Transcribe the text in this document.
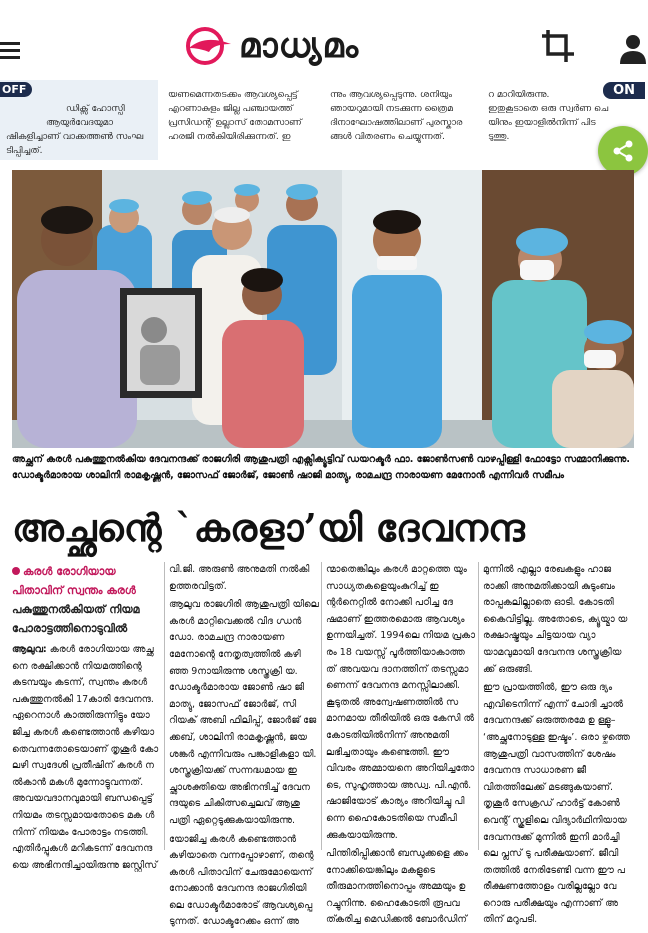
മാധ്യമം
ഡിക്സ് ഹോസ്പി
ആയുർവേദയുമാ
ഷികളിച്ചാണ് വാക്കത്തൺ സംഘ
ടിപ്പിച്ചത്.
OFF	യണമെന്നതടക്കം ആവശ്യപ്പെട്ട്
എറണാകുളം ജില്ല പഞ്ചായത്ത്
പ്രസിഡന്റ് ഉല്ലാസ് തോമസാണ്
ഹരജി നൽകിയിരിക്കുന്നത്. ഇ
ന്നും ആവശ്യപ്പെടുന്നു. ശനിയും
ഞായറുമായി നടക്കുന്ന ത്രൈമ
ദിനാഘോഷത്തിലാണ് പുരസ്കാര
ങ്ങൾ വിതരണം ചെയ്യുന്നത്.
റ മാറിയിരുന്നു.
ഇതുകൂടാതെ ഒരു സ്വർണ ചെ
യിനും ഇയാളിൽനിന്ന് പിട
ടുത്തു.
ON
അച്ഛന് കരൾ പകുത്തുനൽകിയ ദേവനന്ദക്ക് രാജഗിരി ആശുപത്രി എക്സിക്യൂട്ടിവ് ഡയറക്ടർ ഫാ. ജോൺസൺ വാഴപ്പിള്ളി ഫോട്ടോ സമ്മാനിക്കുന്നു. ഡോക്ടർമാരായ ശാലിനി രാമകൃഷ്ണൻ, ജോസഫ് ജോർജ്, ജോൺ ഷാജി മാത്യു, രാമചന്ദ്ര നാരായണ മേനോൻ എന്നിവർ സമീപം
അച്ഛന്റെ `കരളാ’യി ദേവനന്ദ
കരൾ രോഗിയായ
പിതാവിന് സ്വന്തം കരൾ
പകുത്തുനൽകിയത് നിയമ
പോരാട്ടത്തിനൊടുവിൽ

ആലുവ: കരൾ രോഗിയായ അച്ഛ നെ രക്ഷിക്കാൻ നിയമത്തിന്റെ കടമ്പയും കടന്ന്, സ്വന്തം കരൾ പകുത്തുനൽകി 17കാരി ദേവനന്ദ. ഏറെനാൾ കാത്തിരുന്നിട്ടും യോ ജിച്ച കരൾ കണ്ടെത്താൻ കഴിയാ തെവന്നതോടെയാണ് തൃശൂർ കോ ലഴി സ്വദേശി പ്രതീഷിന് കരൾ ന ൽകാൻ മകൾ മുന്നോട്ടുവന്നത്. അവയവദാനവുമായി ബന്ധപ്പെട്ട് നിയമം തടസ്സമായതോടെ മക ൾ നിന്ന് നിയമം പോരാട്ടം നടത്തി. എതിർപ്പുകൾ മറികടന്ന് ദേവനന്ദ യെ അഭിനന്ദിച്ചായിരുന്നു ജസ്റ്റിസ്

വി.ജി. അരുൺ അനുമതി നൽകി ഉത്തരവിട്ടത്.

ആലുവ രാജഗിരി ആശുപത്രി യിലെ കരൾ മാറ്റിവെക്കൽ വിദ ഗ്ധൻ ഡോ. രാമചന്ദ്ര നാരായണ മേനോന്റെ നേതൃത്വത്തിൽ കഴി ഞ്ഞ 9നായിരുന്നു ശസ്ത്രക്രി യ. ഡോക്ടർമാരായ ജോൺ ഷാ ജി മാത്യു, ജോസഫ് ജോർജ്, സി റിയക് അബി ഫിലിപ്പ്, ജോർജ് ജേ ക്കബ്, ശാലിനി രാമകൃഷ്ണൻ, ജയ ശങ്കർ എന്നിവരും പങ്കാളികളാ യി. ശസ്ത്രക്രിയക്ക് സന്നദ്ധമായ ഇ ച്ഛാശക്തിയെ അഭിനന്ദിച്ച് ദേവന ന്ദയുടെ ചികിത്സച്ചെലവ് ആശു പത്രി ഏറ്റെടുക്കുകയായിരുന്നു.

യോജിച്ച കരൾ കണ്ടെത്താൻ കഴിയാതെ വന്നപ്പോഴാണ്, തന്റെ കരൾ പിതാവിന് ചേരുമോയെന്ന് നോക്കാൻ ദേവനന്ദ രാജഗിരിയി ലെ ഡോക്ടർമാരോട് ആവശ്യപ്പെ ടുന്നത്. ഡോക്ടറേക്കം ഒന്ന് അ

ന്മാതെങ്കിലും കരൾ മാറ്റത്തെ യും സാധ്യതകളെയുംകുറിച്ച് ഇ ന്റർനെറ്റിൽ നോക്കി പഠിച്ച ദേ ഷമാണ് ഇത്തരമൊരു ആവശ്യം ഉന്നയിച്ചത്. 1994ലെ നിയമ പ്രകാ രം 18 വയസ്സ് പൂർത്തിയാകാത്ത ത് അവയവ ദാനത്തിന് തടസ്സമാ ണെന്ന് ദേവനന്ദ മനസ്സിലാക്കി. കൂടുതൽ അന്വേഷണത്തിൽ സ മാനമായ തീരിയിൽ ഒരു കേസി ൽ കോടതിയിൽനിന്ന് അനുമതി ലഭിച്ചതായും കണ്ടെത്തി. ഈ വിവരം അമ്മായനെ അറിയിച്ചതോ ടെ, സുഹൃത്തായ അഡ്വ. പി.എൻ. ഷാജിയോട് കാര്യം അറിയിച്ചു പി ന്നെ ഹൈകോടതിയെ സമീപി ക്കുകയായിരുന്നു.

പിന്തിരിപ്പിക്കാൻ ബന്ധുക്കളെ ക്കം നോക്കിയെങ്കിലും മകളുടെ തീരുമാനത്തിനൊപ്പം അമ്മയും ഉ റച്ചുനിന്നു. ഹൈകോടതി രൂപവ ത്കരിച്ച മെഡിക്കൽ ബോർഡിന്

മുന്നിൽ എല്ലാ രേഖകളും ഹാജ രാക്കി അനുമതിക്കായി കുടുംബം രാപ്പകലില്ലാതെ ഓടി. കോടതി കൈവിട്ടില്ല. അതോടെ, ക്യൂയ്മാ യ രക്ഷാഷ്ട്രയും ചിട്ടയായ വ്യാ യാമവുമായി ദേവനന്ദ ശസ്ത്രക്രിയ ക്ക് ഒരുങ്ങി.

ഈ പ്രായത്തിൽ, ഈ ഒരു ദ്യം എവിടെനിന്ന് എന്ന് ചോദി ച്ചാൽ ദേവനന്ദക്ക് ഒരുത്തരമേ ഉ ള്ളൂ– ‘അച്ഛനോടുള്ള ഇഷ്ടം’. ഒരാ ഴ്ചത്തെ ആശുപത്രി വാസത്തിന് ശേഷം ദേവനന്ദ സാധാരണ ജീ വിതത്തിലേക്ക് മടങ്ങുകയാണ്. തൃശൂർ സേക്രഡ് ഹാർട്ട് കോൺ വെന്റ് സ്കൂളിലെ വിദ്യാർഥിനിയായ ദേവനന്ദക്ക് മുന്നിൽ ഇനി മാർച്ചി ലെ പ്ലസ് ടു പരീക്ഷയാണ്. ജീവി തത്തിൽ നേരിടേണ്ടി വന്ന ഈ പ രീക്ഷണത്തോളം വരില്ലല്ലോ വേ റൊരു പരീക്ഷയും എന്നാണ് അ തിന് മറുപടി.
